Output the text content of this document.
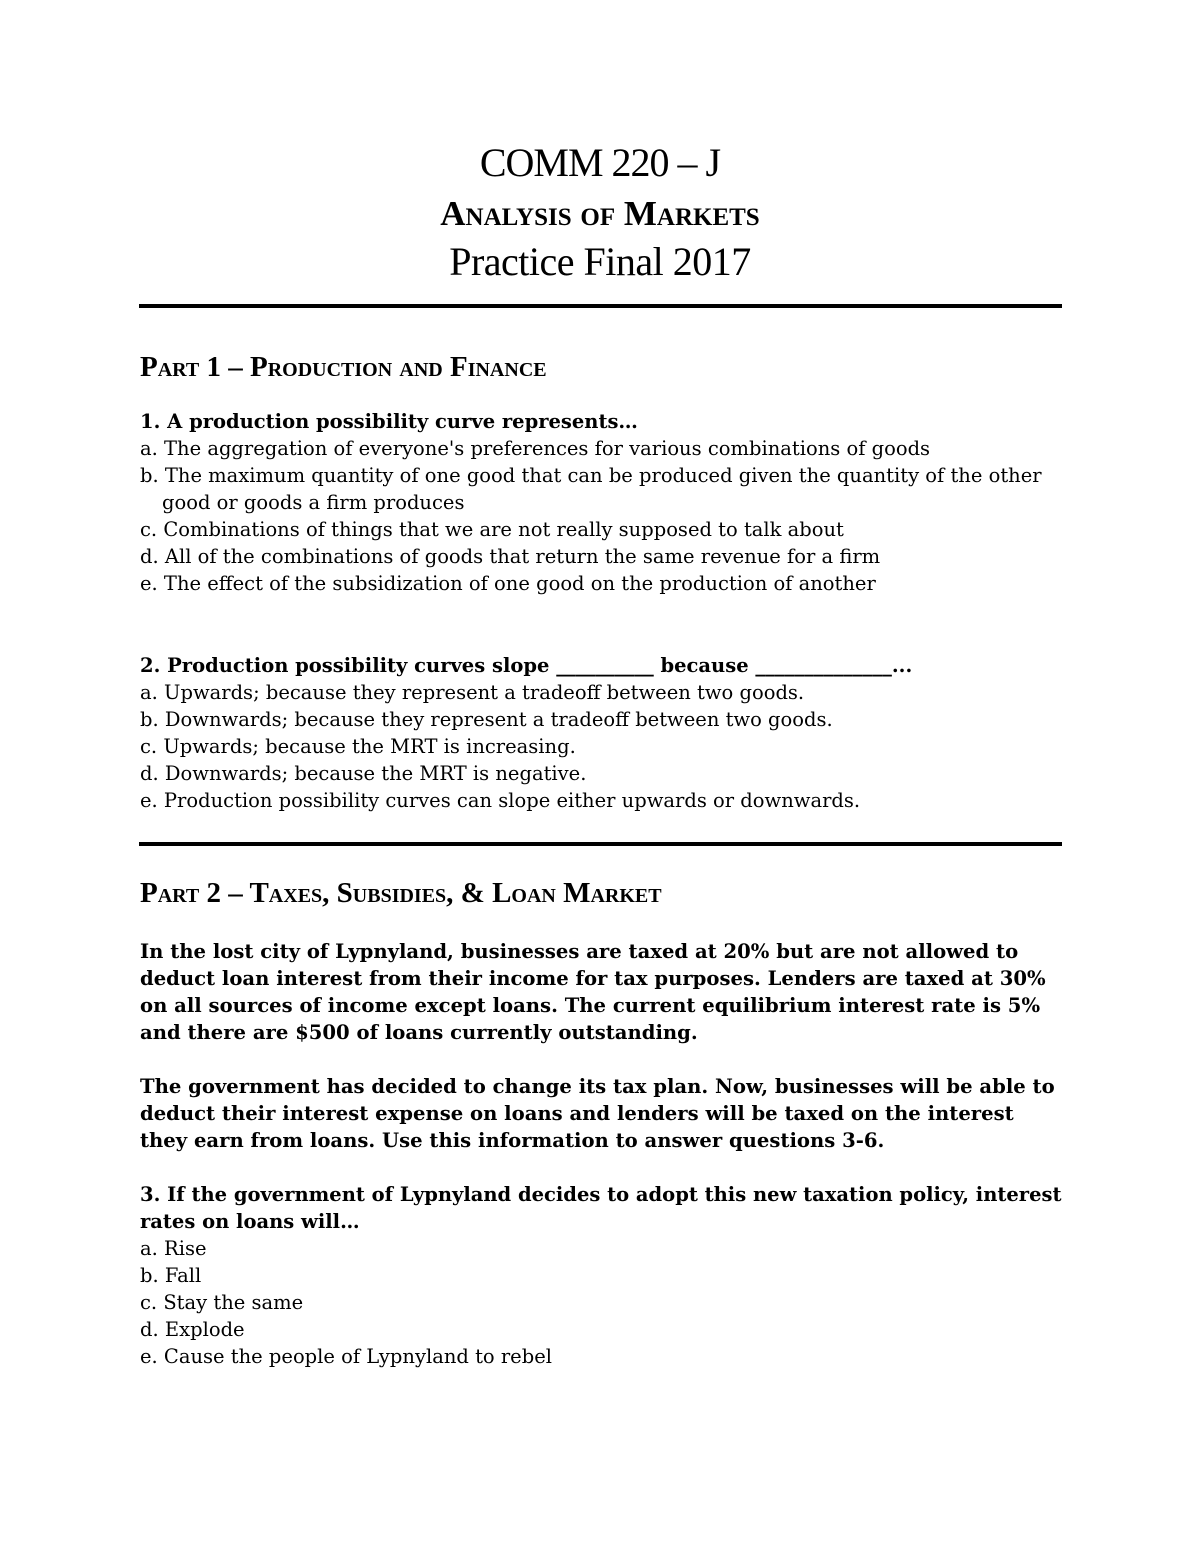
COMM 220 – J
Analysis of Markets
Practice Final 2017
Part 1 – Production and Finance
1. A production possibility curve represents…
a. The aggregation of everyone's preferences for various combinations of goods
b. The maximum quantity of one good that can be produced given the quantity of the other good or goods a firm produces
c. Combinations of things that we are not really supposed to talk about
d. All of the combinations of goods that return the same revenue for a firm
e. The effect of the subsidization of one good on the production of another
2. Production possibility curves slope __________ because ______________...
a. Upwards; because they represent a tradeoff between two goods.
b. Downwards; because they represent a tradeoff between two goods.
c. Upwards; because the MRT is increasing.
d. Downwards; because the MRT is negative.
e. Production possibility curves can slope either upwards or downwards.
Part 2 – Taxes, Subsidies, & Loan Market
In the lost city of Lypnyland, businesses are taxed at 20% but are not allowed to deduct loan interest from their income for tax purposes. Lenders are taxed at 30% on all sources of income except loans. The current equilibrium interest rate is 5% and there are $500 of loans currently outstanding.
The government has decided to change its tax plan. Now, businesses will be able to deduct their interest expense on loans and lenders will be taxed on the interest they earn from loans. Use this information to answer questions 3-6.
3. If the government of Lypnyland decides to adopt this new taxation policy, interest rates on loans will…
a. Rise
b. Fall
c. Stay the same
d. Explode
e. Cause the people of Lypnyland to rebel
